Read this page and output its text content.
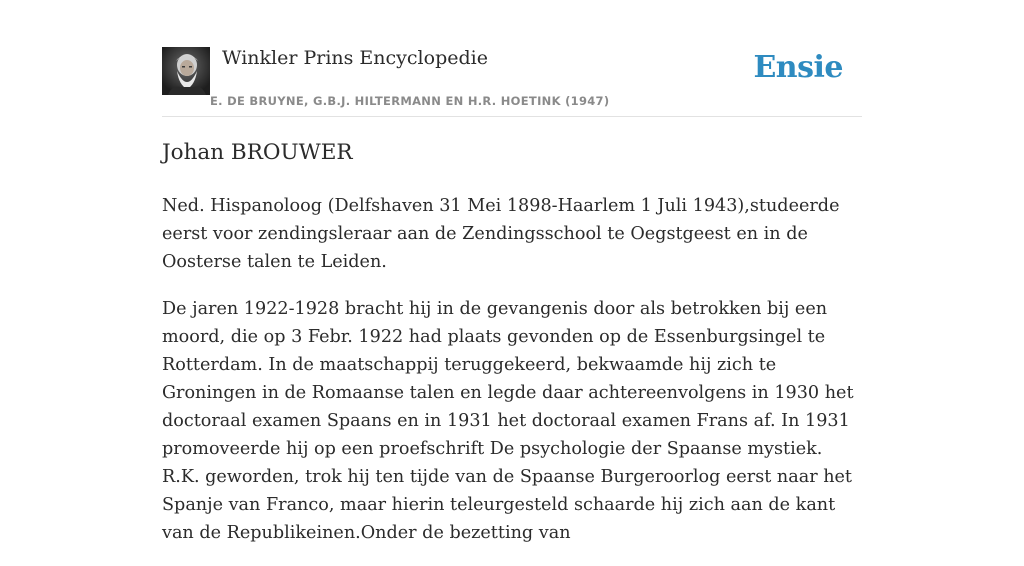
Winkler Prins Encyclopedie
E. DE BRUYNE, G.B.J. HILTERMANN EN H.R. HOETINK (1947)
Ensie
Johan BROUWER

Ned. Hispanoloog (Delfshaven 31 Mei 1898-Haarlem 1 Juli 1943),studeerde eerst voor zendingsleraar aan de Zendingsschool te Oegstgeest en in de Oosterse talen te Leiden.

De jaren 1922-1928 bracht hij in de gevangenis door als betrokken bij een moord, die op 3 Febr. 1922 had plaats gevonden op de Essenburgsingel te Rotterdam. In de maatschappij teruggekeerd, bekwaamde hij zich te Groningen in de Romaanse talen en legde daar achtereenvolgens in 1930 het doctoraal examen Spaans en in 1931 het doctoraal examen Frans af. In 1931 promoveerde hij op een proefschrift De psychologie der Spaanse mystiek. R.K. geworden, trok hij ten tijde van de Spaanse Burgeroorlog eerst naar het Spanje van Franco, maar hierin teleurgesteld schaarde hij zich aan de kant van de Republikeinen.Onder de bezetting van
